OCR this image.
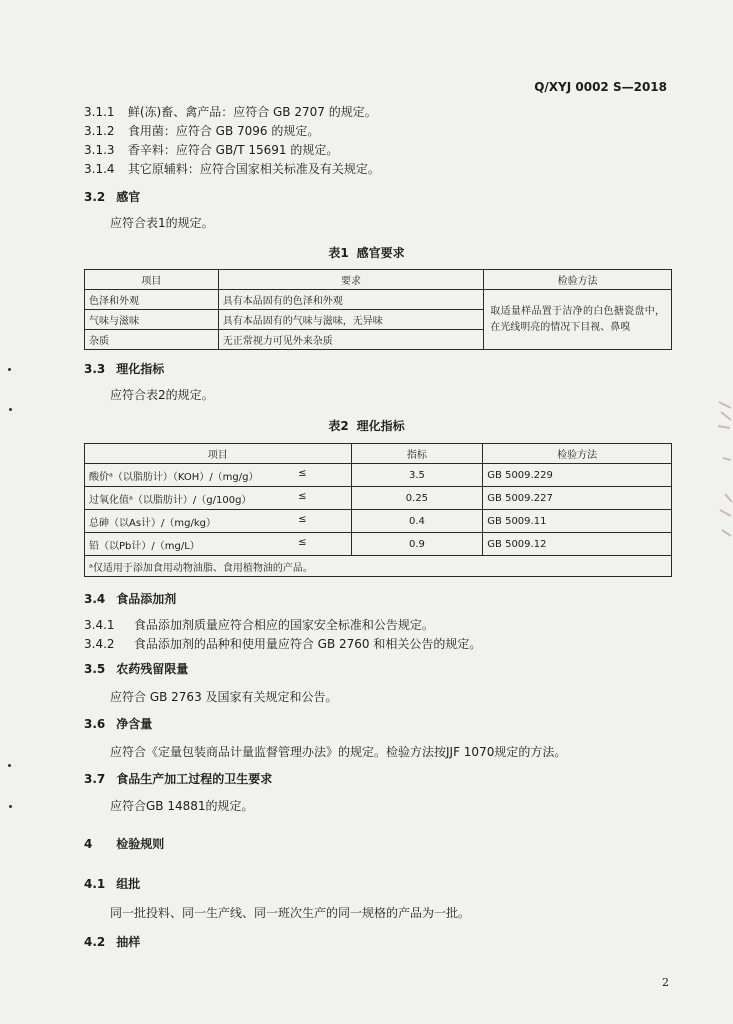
Q/XYJ 0002 S—2018
3.1.1 鲜(冻)畜、禽产品：应符合 GB 2707 的规定。
3.1.2 食用菌：应符合 GB 7096 的规定。
3.1.3 香辛料：应符合 GB/T 15691 的规定。
3.1.4 其它原辅料：应符合国家相关标准及有关规定。
3.2 感官
应符合表1的规定。
表1 感官要求
项目	要求	检验方法
色泽和外观	具有本品固有的色泽和外观	取适量样品置于洁净的白色搪瓷盘中，在光线明亮的情况下目视、鼻嗅
气味与滋味	具有本品固有的气味与滋味，无异味	
杂质	无正常视力可见外来杂质	
3.3 理化指标
应符合表2的规定。
表2 理化指标
项目	指标	检验方法
酸价ᵃ（以脂肪计）（KOH）/（mg/g） ≤	3.5	GB 5009.229
过氧化值ᵃ（以脂肪计）/（g/100g） ≤	0.25	GB 5009.227
总砷（以As计）/（mg/kg） ≤	0.4	GB 5009.11
铅（以Pb计）/（mg/L） ≤	0.9	GB 5009.12
ᵃ仅适用于添加食用动物油脂、食用植物油的产品。		
3.4 食品添加剂
3.4.1 食品添加剂质量应符合相应的国家安全标准和公告规定。
3.4.2 食品添加剂的品种和使用量应符合 GB 2760 和相关公告的规定。
3.5 农药残留限量
应符合 GB 2763 及国家有关规定和公告。
3.6 净含量
应符合《定量包装商品计量监督管理办法》的规定。检验方法按JJF 1070规定的方法。
3.7 食品生产加工过程的卫生要求
应符合GB 14881的规定。
4 检验规则
4.1 组批
同一批投料、同一生产线、同一班次生产的同一规格的产品为一批。
4.2 抽样
2
